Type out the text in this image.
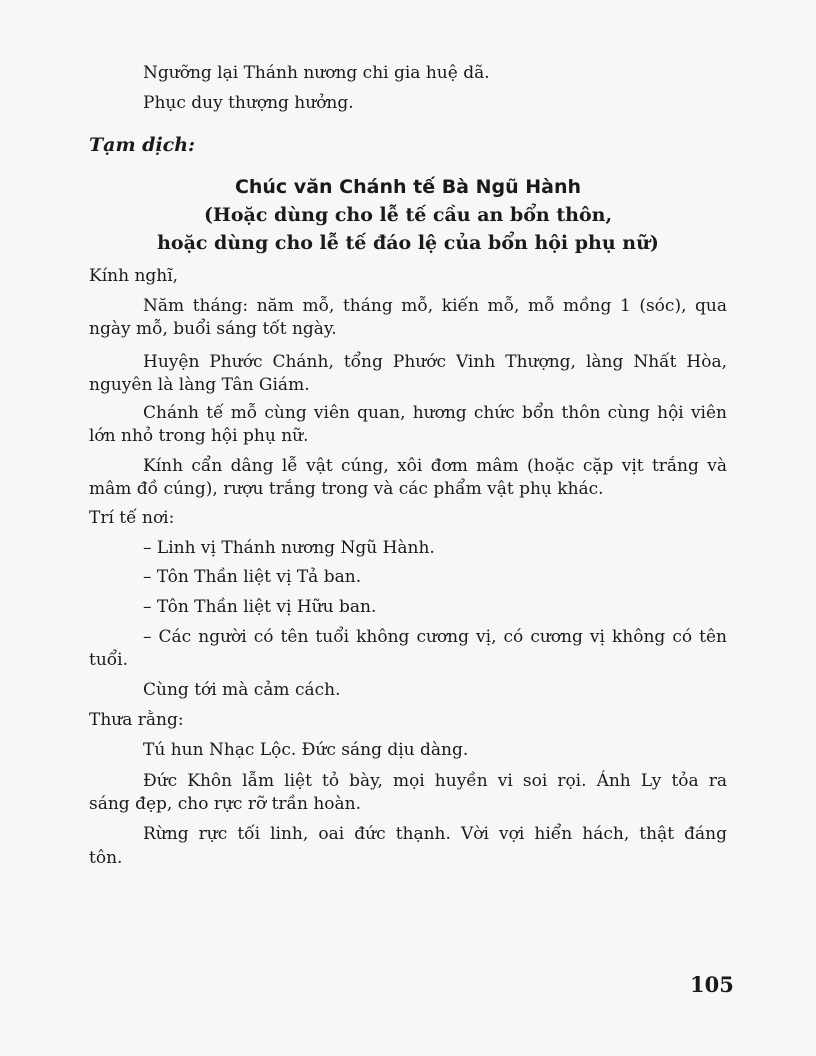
Ngưỡng lại Thánh nương chi gia huệ dã.
Phục duy thượng hưởng.
Tạm dịch:
Chúc văn Chánh tế Bà Ngũ Hành
(Hoặc dùng cho lễ tế cầu an bổn thôn,
hoặc dùng cho lễ tế đáo lệ của bổn hội phụ nữ)
Kính nghĩ,
Năm tháng: năm mỗ, tháng mỗ, kiến mỗ, mỗ mồng 1 (sóc), qua
ngày mỗ, buổi sáng tốt ngày.
Huyện Phước Chánh, tổng Phước Vinh Thượng, làng Nhất Hòa,
nguyên là làng Tân Giám.
Chánh tế mỗ cùng viên quan, hương chức bổn thôn cùng hội viên
lớn nhỏ trong hội phụ nữ.
Kính cẩn dâng lễ vật cúng, xôi đơm mâm (hoặc cặp vịt trắng và
mâm đồ cúng), rượu trắng trong và các phẩm vật phụ khác.
Trí tế nơi:
– Linh vị Thánh nương Ngũ Hành.
– Tôn Thần liệt vị Tả ban.
– Tôn Thần liệt vị Hữu ban.
– Các người có tên tuổi không cương vị, có cương vị không có tên
tuổi.
Cùng tới mà cảm cách.
Thưa rằng:
Tú hun Nhạc Lộc. Đức sáng dịu dàng.
Đức Khôn lẫm liệt tỏ bày, mọi huyền vi soi rọi. Ánh Ly tỏa ra
sáng đẹp, cho rực rỡ trần hoàn.
Rừng rực tối linh, oai đức thạnh. Vời vợi hiển hách, thật đáng
tôn.
105
